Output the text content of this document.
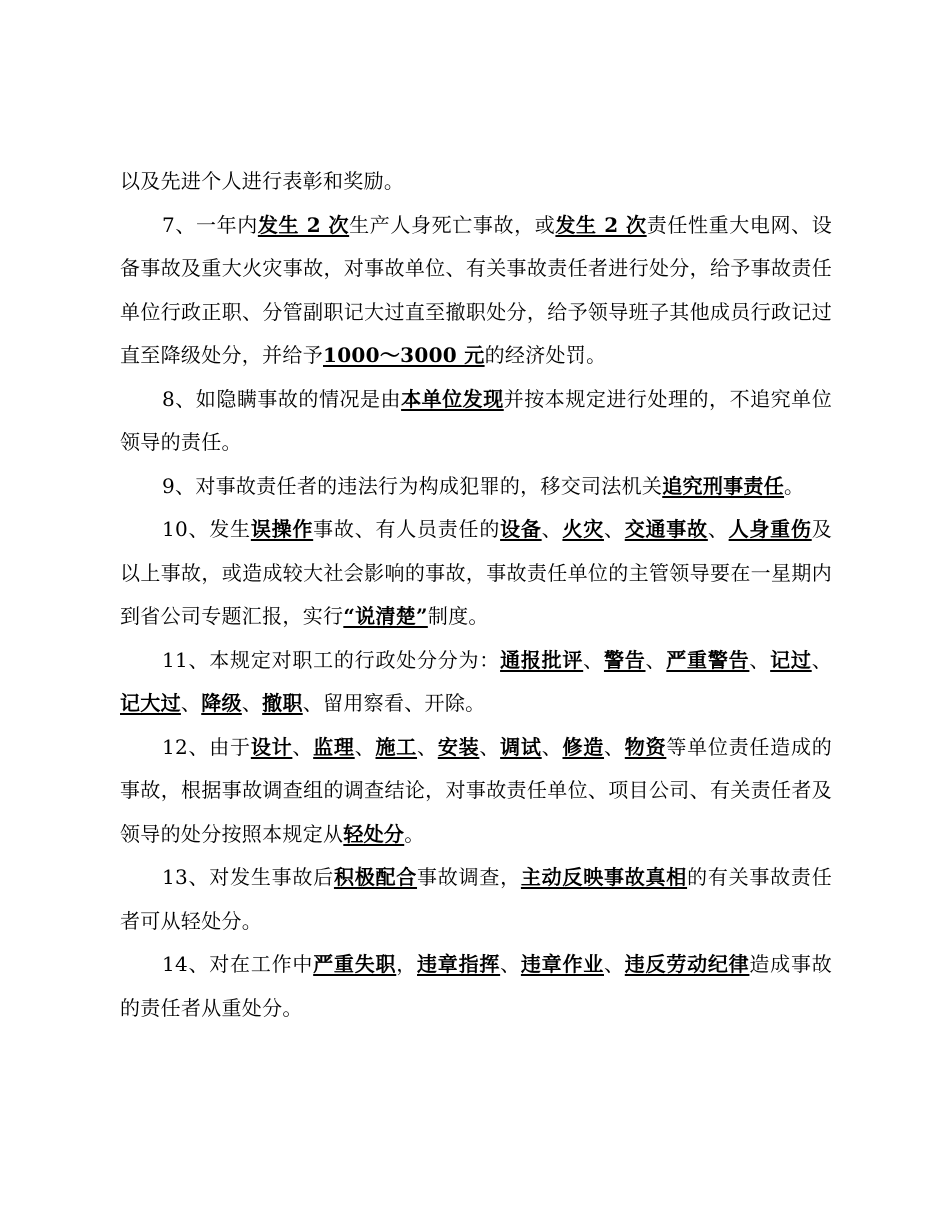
以及先进个人进行表彰和奖励。

7、一年内发生 2 次生产人身死亡事故，或发生 2 次责任性重大电网、设备事故及重大火灾事故，对事故单位、有关事故责任者进行处分，给予事故责任单位行政正职、分管副职记大过直至撤职处分，给予领导班子其他成员行政记过直至降级处分，并给予1000～3000 元的经济处罚。

8、如隐瞒事故的情况是由本单位发现并按本规定进行处理的，不追究单位领导的责任。

9、对事故责任者的违法行为构成犯罪的，移交司法机关追究刑事责任。

10、发生误操作事故、有人员责任的设备、火灾、交通事故、人身重伤及以上事故，或造成较大社会影响的事故，事故责任单位的主管领导要在一星期内到省公司专题汇报，实行“说清楚”制度。

11、本规定对职工的行政处分分为：通报批评、警告、严重警告、记过、记大过、降级、撤职、留用察看、开除。

12、由于设计、监理、施工、安装、调试、修造、物资等单位责任造成的事故，根据事故调查组的调查结论，对事故责任单位、项目公司、有关责任者及领导的处分按照本规定从轻处分。

13、对发生事故后积极配合事故调查，主动反映事故真相的有关事故责任者可从轻处分。

14、对在工作中严重失职，违章指挥、违章作业、违反劳动纪律造成事故的责任者从重处分。
